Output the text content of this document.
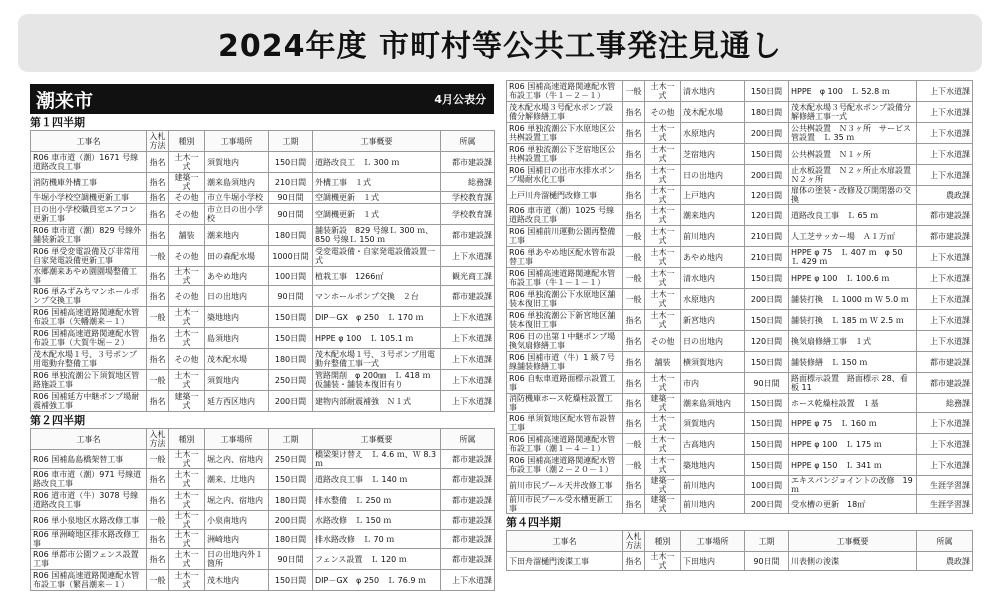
2024年度 市町村等公共工事発注見通し
潮来市	4月公表分
第１四半期
工事名	入札方法	種別	工事場所	工期	工事概要	所属
R06 車市道（潮）1671 号線道路改良工事	指名	土木一式	須賀地内	150日間	道路改良工　Ｌ 300 ｍ	都市建設課
消防機庫外構工事	指名	建築一式	潮来島須地内	210日間	外構工事　１式	総務課
牛堀小学校空調機更新工事	指名	その他	市立牛堀小学校	90日間	空調機更新　１式	学校教育課
日の出小学校職員室エアコン更新工事	指名	その他	市立日の出小学校	90日間	空調機更新　１式	学校教育課
R06 車市道（潮）829 号線外舗装新設工事	指名	舗装	潮来地内	180日間	舗装新設　829 号線Ｌ 300 ｍ、850 号線Ｌ 150 ｍ	都市建設課
R06 単受変電設備及び非常用自家発電設備更新工事	一般	その他	田の森配水場	1000日間	受変電設備・自家発電設備設置一式	上下水道課
水郷潮来あやめ園園場整備工事	指名	土木一式	あやめ地内	100日間	植栽工事　1266㎡	観光商工課
R06 単みずみちマンホールポンプ交換工事	指名	その他	日の出地内	90日間	マンホールポンプ交換　２台	都市建設課
R06 国補高速道路関連配水管布設工事（矢幡潮来－１）	一般	土木一式	築地地内	150日間	DIP－GX　φ 250　Ｌ 170 ｍ	上下水道課
R06 国補高速道路関連配水管布設工事（大賀牛堀－２）	指名	土木一式	島須地内	150日間	HPPE φ 100　Ｌ 105.1 ｍ	上下水道課
茂木配水場１号、３号ポンプ用電動弁整備工事	指名	その他	茂木配水場	180日間	茂木配水場１号、３号ポンプ用電動弁整備工事一式	上下水道課
R06 単独流潮公下須賀地区管路施設工事	一般	土木一式	須賀地内	250日間	管路開削　φ 200㎜　Ｌ 418 ｍ　仮舗装・舗装本復旧有り	上下水道課
R06 国補延方中継ポンプ場耐震補強工事	指名	建築一式	延方西区地内	200日間	建物内部耐震補強　Ｎ１式	上下水道課
第２四半期
工事名	入札方法	種別	工事場所	工期	工事概要	所属
R06 国補島島橋架替工事	一般	土木一式	堀之内、宿地内	250日間	橋梁架け替え　Ｌ 4.6 ｍ、Ｗ 8.3 ｍ	都市建設課
R06 車市道（潮）971 号線道路改良工事	指名	土木一式	潮来、辻地内	150日間	道路改良工事　Ｌ 140 ｍ	都市建設課
R06 道市道（牛）3078 号線道路改良工事	指名	土木一式	堀之内、宿地内	180日間	排水整備　Ｌ 250 ｍ	都市建設課
R06 単小泉地区水路改修工事	一般	土木一式	小泉南地内	200日間	水路改修　Ｌ 150 ｍ	都市建設課
R06 単洲崎地区排水路改修工事	指名	土木一式	洲崎地内	180日間	排水路改修　Ｌ 70 ｍ	都市建設課
R06 単都市公園フェンス設置工事	指名	土木一式	日の出地内外１箇所	90日間	フェンス設置　Ｌ 120 ｍ	都市建設課
R06 国補高速道路関連配水管布設工事（繁昌潮来－１）	一般	土木一式	茂木地内	150日間	DIP－GX　φ 250　Ｌ 76.9 ｍ	上下水道課
R06 国補高速道路関連配水管布設工事（牛１－２－１）	一般	土木一式	清水地内	150日間	HPPE　φ 100　Ｌ 52.8 ｍ	上下水道課
茂木配水場３号配水ポンプ設備分解修繕工事	指名	その他	茂木配水場	180日間	茂木配水場３号配水ポンプ設備分解修繕工事一式	上下水道課
R06 単独流潮公下水原地区公共桝設置工事	指名	土木一式	水原地内	200日間	公共桝設置　Ｎ３ヶ所　サービス管設置　Ｌ 35 ｍ	上下水道課
R06 単独流潮公下芝宿地区公共桝設置工事	指名	土木一式	芝宿地内	150日間	公共桝設置　Ｎ１ヶ所	上下水道課
R06 国補日の出市水排水ポンプ場耐水化工事	指名	土木一式	日の出地内	200日間	止水板設置　Ｎ２ヶ所止水扉設置　Ｎ２ヶ所	上下水道課
上戸川舟溜樋門改修工事	指名	土木一式	上戸地内	120日間	扉体の塗装・改修及び開閉器の交換	農政課
R06 車市道（潮）1025 号線道路改良工事	指名	土木一式	潮来地内	120日間	道路改良工事　Ｌ 65 ｍ	都市建設課
R06 国補前川運動公園再整備工事	一般	土木一式	前川地内	210日間	人工芝サッカー場　Ａ１万㎡	都市建設課
R06 単あやめ地区配水管布設替工事	一般	土木一式	あやめ地内	210日間	HPPE φ 75　Ｌ 407 ｍ　φ 50　Ｌ 429 ｍ	上下水道課
R06 国補高速道路関連配水管布設工事（牛１－１－１）	一般	土木一式	清水地内	150日間	HPPE φ 100　Ｌ 100.6 ｍ	上下水道課
R06 単独流潮公下水原地区舗装本復旧工事	一般	土木一式	水原地内	200日間	舗装打換　Ｌ 1000 ｍ Ｗ 5.0 ｍ	上下水道課
R06 単独流潮公下新宮地区舗装本復旧工事	指名	土木一式	新宮地内	150日間	舗装打換　Ｌ 185 ｍ Ｗ 2.5 ｍ	上下水道課
R06 日の出第１中継ポンプ場換気扇修繕工事	指名	その他	日の出地内	120日間	換気扇修繕工事　１式	上下水道課
R06 国補市道（牛）1 級７号線舗装修繕工事	指名	舗装	横須賀地内	150日間	舗装修繕　Ｌ 150 ｍ	都市建設課
R06 自転車道路面標示設置工事	指名	土木一式	市内	90日間	路面標示設置　路面標示 28、看板 11	都市建設課
消防機庫ホース乾燥柱設置工事	指名	建築一式	潮来島須地内	150日間	ホース乾燥柱設置　１基	総務課
R06 単須賀地区配水管布設替工事	指名	土木一式	須賀地内	150日間	HPPE φ 75　Ｌ 160 ｍ	上下水道課
R06 国補高速道路関連配水管布設工事（潮１－４－１）	一般	土木一式	古高地内	150日間	HPPE φ 100　Ｌ 175 ｍ	上下水道課
R06 国補高速道路関連配水管布設工事（潮２－２０－１）	一般	土木一式	築地地内	150日間	HPPE φ 150　Ｌ 341 ｍ	上下水道課
前川市民プール天井改修工事	指名	建築一式	前川地内	100日間	エキスパンジョイントの改修　19ｍ	生涯学習課
前川市民プール受水槽更新工事	指名	建築一式	前川地内	200日間	受水槽の更新　18㎡	生涯学習課
第４四半期
工事名	入札方法	種別	工事場所	工期	工事概要	所属
下田舟溜樋門浚渫工事	指名	土木一式	下田地内	90日間	川表側の浚渫	農政課
